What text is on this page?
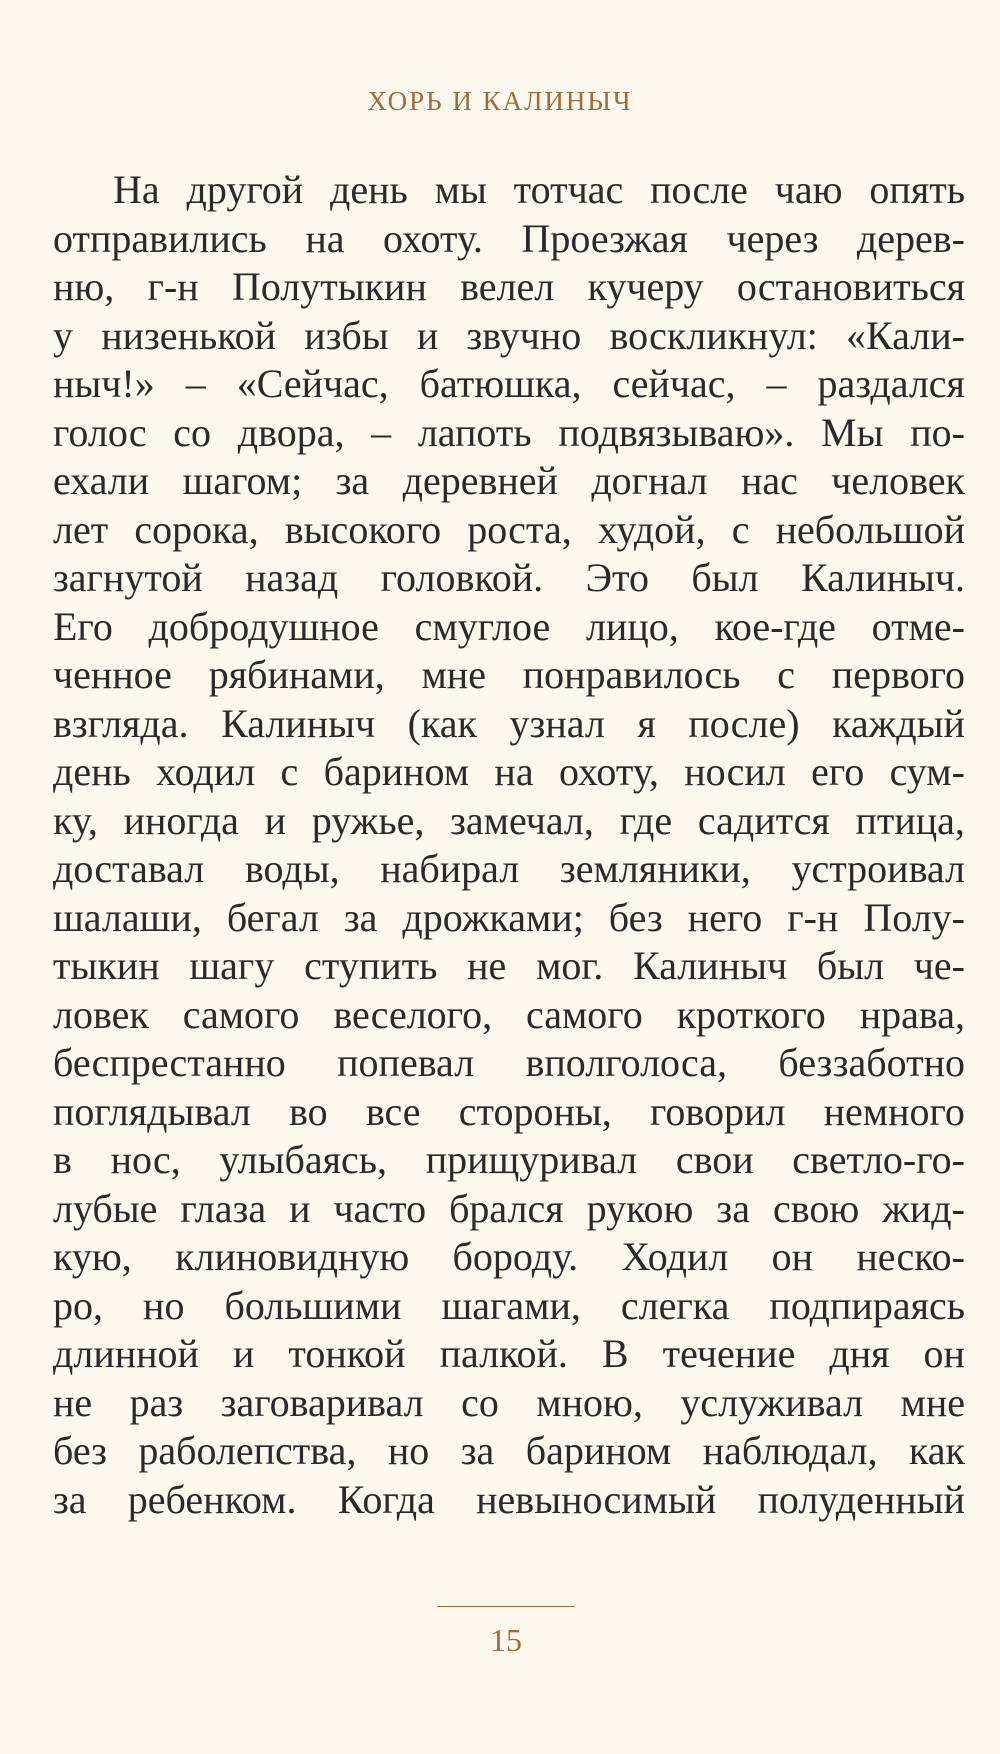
ХОРЬ И КАЛИНЫЧ
На другой день мы тотчас после чаю опять
отправились на охоту. Проезжая через дерев-
ню, г-н Полутыкин велел кучеру остановиться
у низенькой избы и звучно воскликнул: «Кали-
ныч!» – «Сейчас, батюшка, сейчас, – раздался
голос со двора, – лапоть подвязываю». Мы по-
ехали шагом; за деревней догнал нас человек
лет сорока, высокого роста, худой, с небольшой
загнутой назад головкой. Это был Калиныч.
Его добродушное смуглое лицо, кое-где отме-
ченное рябинами, мне понравилось с первого
взгляда. Калиныч (как узнал я после) каждый
день ходил с барином на охоту, носил его сум-
ку, иногда и ружье, замечал, где садится птица,
доставал воды, набирал земляники, устроивал
шалаши, бегал за дрожками; без него г-н Полу-
тыкин шагу ступить не мог. Калиныч был че-
ловек самого веселого, самого кроткого нрава,
беспрестанно попевал вполголоса, беззаботно
поглядывал во все стороны, говорил немного
в нос, улыбаясь, прищуривал свои светло-го-
лубые глаза и часто брался рукою за свою жид-
кую, клиновидную бороду. Ходил он неско-
ро, но большими шагами, слегка подпираясь
длинной и тонкой палкой. В течение дня он
не раз заговаривал со мною, услуживал мне
без раболепства, но за барином наблюдал, как
за ребенком. Когда невыносимый полуденный
15
